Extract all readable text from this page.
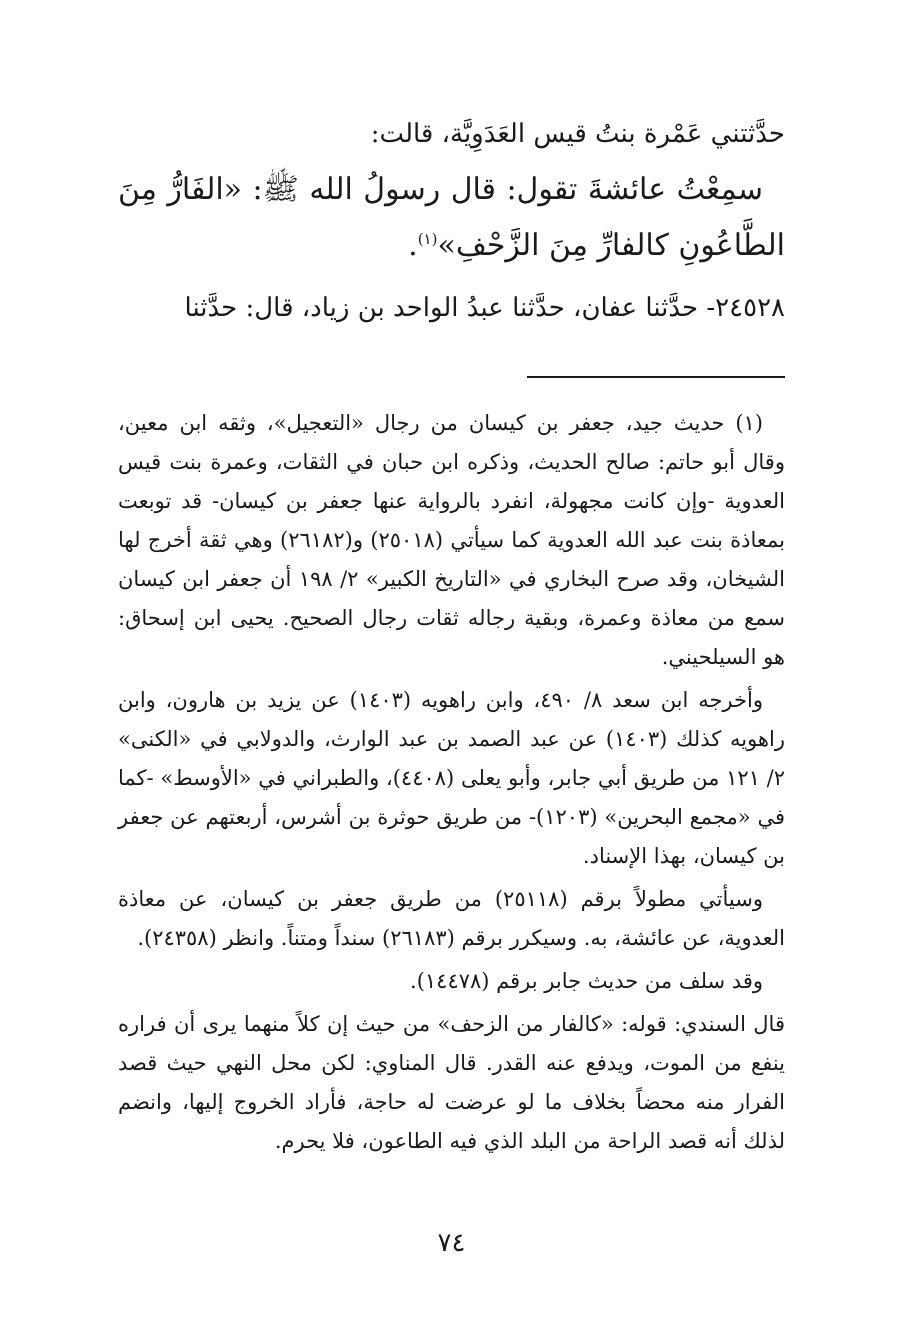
حدَّثتني عَمْرة بنتُ قيس العَدَوِيَّة، قالت:

سمِعْتُ عائشةَ تقول: قال رسولُ الله ﷺ: «الفَارُّ مِنَ الطَّاعُونِ كالفارِّ مِنَ الزَّحْفِ»$^{(١)}$.

٢٤٥٢٨- حدَّثنا عفان، حدَّثنا عبدُ الواحد بن زياد، قال: حدَّثنا

(١) حديث جيد، جعفر بن كيسان من رجال «التعجيل»، وثقه ابن معين، وقال أبو حاتم: صالح الحديث، وذكره ابن حبان في الثقات، وعمرة بنت قيس العدوية -وإن كانت مجهولة، انفرد بالرواية عنها جعفر بن كيسان- قد توبعت بمعاذة بنت عبد الله العدوية كما سيأتي (٢٥٠١٨) و(٢٦١٨٢) وهي ثقة أخرج لها الشيخان، وقد صرح البخاري في «التاريخ الكبير» ٢/ ١٩٨ أن جعفر ابن كيسان سمع من معاذة وعمرة، وبقية رجاله ثقات رجال الصحيح. يحيى ابن إسحاق: هو السيلحيني.

وأخرجه ابن سعد ٨/ ٤٩٠، وابن راهويه (١٤٠٣) عن يزيد بن هارون، وابن راهويه كذلك (١٤٠٣) عن عبد الصمد بن عبد الوارث، والدولابي في «الكنى» ٢/ ١٢١ من طريق أبي جابر، وأبو يعلى (٤٤٠٨)، والطبراني في «الأوسط» -كما في «مجمع البحرين» (١٢٠٣)- من طريق حوثرة بن أشرس، أربعتهم عن جعفر بن كيسان، بهذا الإسناد.

وسيأتي مطولاً برقم (٢٥١١٨) من طريق جعفر بن كيسان، عن معاذة العدوية، عن عائشة، به. وسيكرر برقم (٢٦١٨٣) سنداً ومتناً. وانظر (٢٤٣٥٨).

وقد سلف من حديث جابر برقم (١٤٤٧٨).

قال السندي: قوله: «كالفار من الزحف» من حيث إن كلاً منهما يرى أن فراره ينفع من الموت، ويدفع عنه القدر. قال المناوي: لكن محل النهي حيث قصد الفرار منه محضاً بخلاف ما لو عرضت له حاجة، فأراد الخروج إليها، وانضم لذلك أنه قصد الراحة من البلد الذي فيه الطاعون، فلا يحرم.

٧٤
